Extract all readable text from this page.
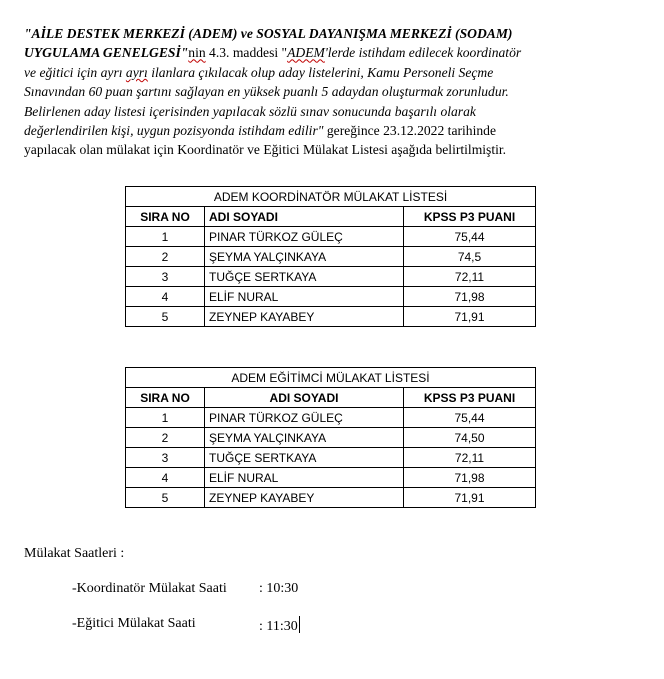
"AİLE DESTEK MERKEZİ (ADEM) ve SOSYAL DAYANIŞMA MERKEZİ (SODAM)
UYGULAMA GENELGESİ"nin 4.3. maddesi "ADEM'lerde istihdam edilecek koordinatör
ve eğitici için ayrı ayrı ilanlara çıkılacak olup aday listelerini, Kamu Personeli Seçme
Sınavından 60 puan şartını sağlayan en yüksek puanlı 5 adaydan oluşturmak zorunludur.
Belirlenen aday listesi içerisinden yapılacak sözlü sınav sonucunda başarılı olarak
değerlendirilen kişi, uygun pozisyonda istihdam edilir" gereğince 23.12.2022 tarihinde
yapılacak olan mülakat için Koordinatör ve Eğitici Mülakat Listesi aşağıda belirtilmiştir.
ADEM KOORDİNATÖR MÜLAKAT LİSTESİ		
SIRA NO	ADI SOYADI	KPSS P3 PUANI
1	PINAR TÜRKOZ GÜLEÇ	75,44
2	ŞEYMA YALÇINKAYA	74,5
3	TUĞÇE SERTKAYA	72,11
4	ELİF NURAL	71,98
5	ZEYNEP KAYABEY	71,91
ADEM EĞİTİMCİ MÜLAKAT LİSTESİ		
SIRA NO	ADI SOYADI	KPSS P3 PUANI
1	PINAR TÜRKOZ GÜLEÇ	75,44
2	ŞEYMA YALÇINKAYA	74,50
3	TUĞÇE SERTKAYA	72,11
4	ELİF NURAL	71,98
5	ZEYNEP KAYABEY	71,91
Mülakat Saatleri :
-Koordinatör Mülakat Saati : 10:30
-Eğitici Mülakat Saati	: 11:30
